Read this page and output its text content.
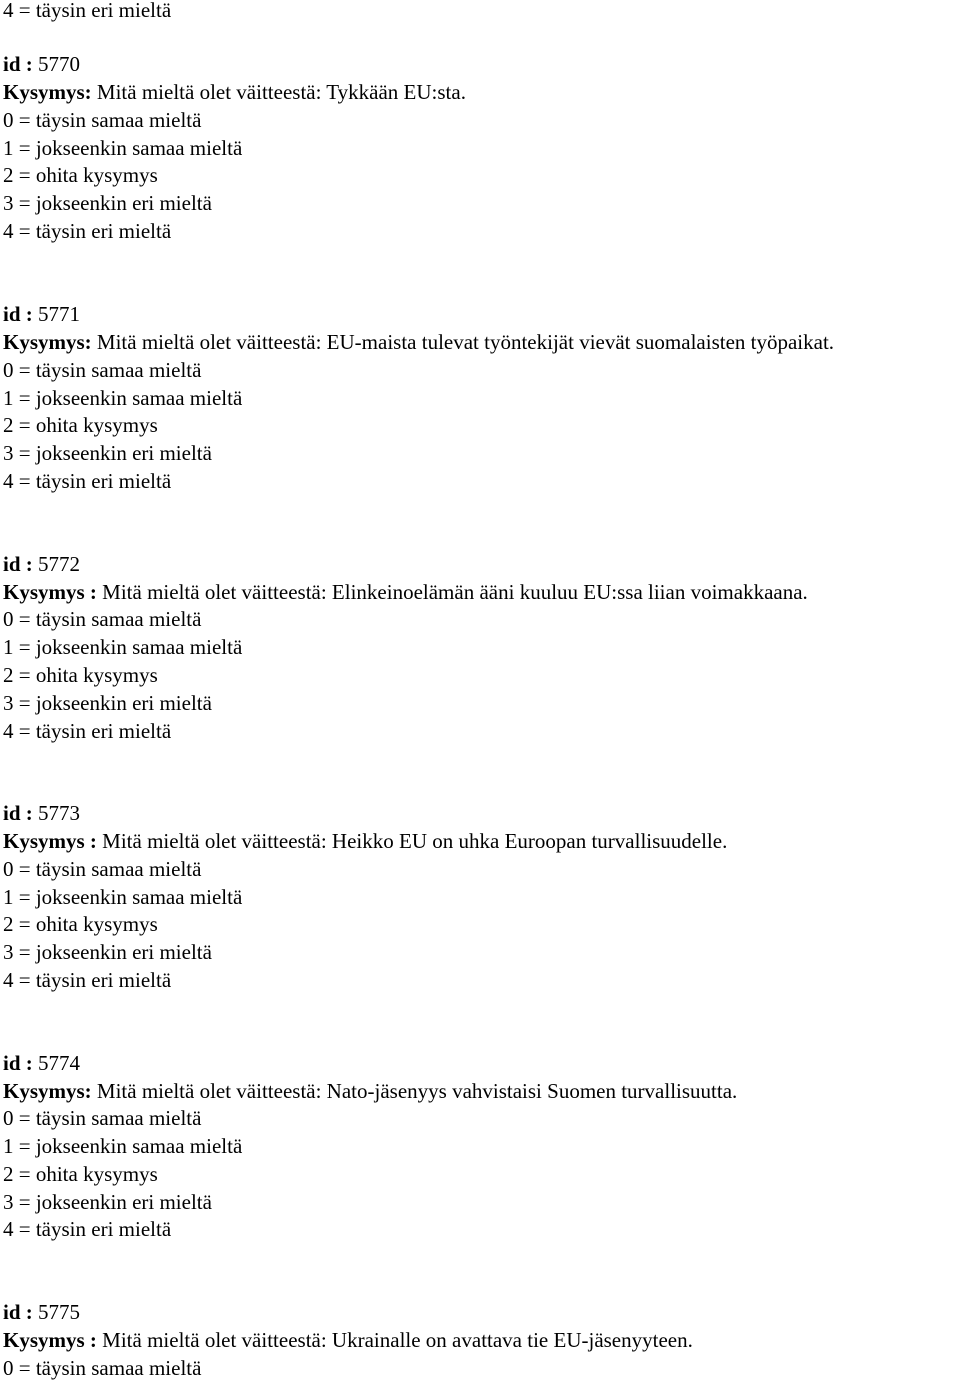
4 = täysin eri mieltä
id : 5770
Kysymys: Mitä mieltä olet väitteestä: Tykkään EU:sta.
0 = täysin samaa mieltä
1 = jokseenkin samaa mieltä
2 = ohita kysymys
3 = jokseenkin eri mieltä
4 = täysin eri mieltä
id : 5771
Kysymys: Mitä mieltä olet väitteestä: EU-maista tulevat työntekijät vievät suomalaisten työpaikat.
0 = täysin samaa mieltä
1 = jokseenkin samaa mieltä
2 = ohita kysymys
3 = jokseenkin eri mieltä
4 = täysin eri mieltä
id : 5772
Kysymys : Mitä mieltä olet väitteestä: Elinkeinoelämän ääni kuuluu EU:ssa liian voimakkaana.
0 = täysin samaa mieltä
1 = jokseenkin samaa mieltä
2 = ohita kysymys
3 = jokseenkin eri mieltä
4 = täysin eri mieltä
id : 5773
Kysymys : Mitä mieltä olet väitteestä: Heikko EU on uhka Euroopan turvallisuudelle.
0 = täysin samaa mieltä
1 = jokseenkin samaa mieltä
2 = ohita kysymys
3 = jokseenkin eri mieltä
4 = täysin eri mieltä
id : 5774
Kysymys: Mitä mieltä olet väitteestä: Nato-jäsenyys vahvistaisi Suomen turvallisuutta.
0 = täysin samaa mieltä
1 = jokseenkin samaa mieltä
2 = ohita kysymys
3 = jokseenkin eri mieltä
4 = täysin eri mieltä
id : 5775
Kysymys : Mitä mieltä olet väitteestä: Ukrainalle on avattava tie EU-jäsenyyteen.
0 = täysin samaa mieltä
